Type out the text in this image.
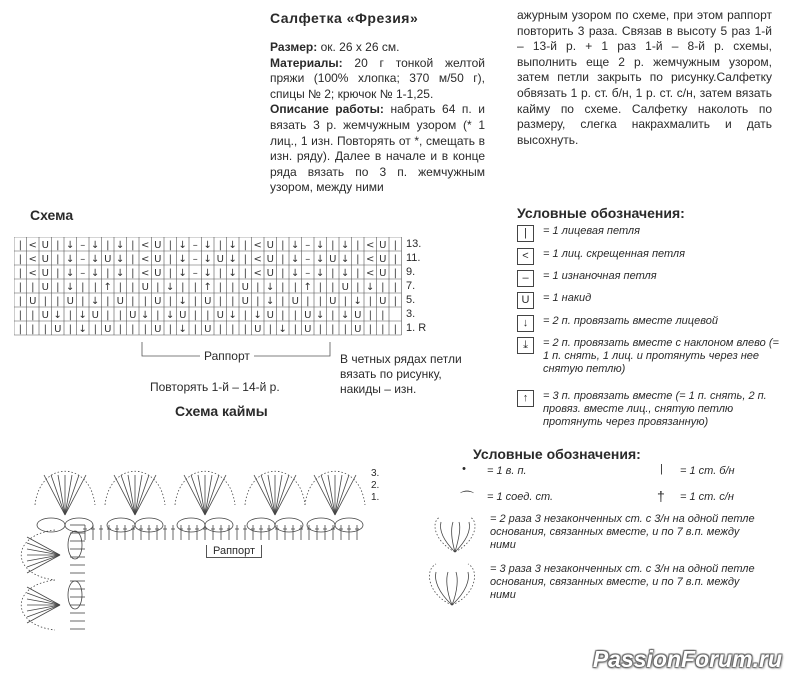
Салфетка «Фрезия»
Размер: ок. 26 x 26 см.
Материалы: 20 г тонкой желтой пряжи (100% хлопка; 370 м/50 г), спицы № 2; крючок № 1-1,25.
Описание работы: набрать 64 п. и вязать 3 р. жемчужным узором (* 1 лиц., 1 изн. Повторять от *, смещать в изн. ряду). Далее в начале и в конце ряда вязать по 3 п. жемчужным узором, между ними
ажурным узором по схеме, при этом раппорт повторить 3 раза. Связав в высоту 5 раз 1-й – 13-й р. + 1 раз 1-й – 8-й р. схемы, выполнить еще 2 р. жемчужным узором, затем петли закрыть по рисунку.Салфетку обвязать 1 р. ст. б/н, 1 р. ст. с/н, затем вязать кайму по схеме. Салфетку наколоть по размеру, слегка накрахмалить и дать высохнуть.
Схема
| < U | ↓ – ↓ | ↓ | < U | ↓ – ↓ | ↓ | < U | ↓ – ↓ | ↓ | < U |
| < U | ↓ – ↓ U ↓ | < U | ↓ – ↓ U ↓ | < U | ↓ – ↓ U ↓ | < U |
| < U | ↓ – ↓ | ↓ | < U | ↓ – ↓ | ↓ | < U | ↓ – ↓ | ↓ | < U |
| | U | ↓ | | ↑ | | U | ↓ | | ↑ | | U | ↓ | | ↑ | | U | ↓ | |
| U | | U | ↓ | U | | U | ↓ | U | | U | ↓ | U | | U | ↓ | U |
| | U ↓ | ↓ U | | U ↓ | ↓ U | | U ↓ | ↓ U | | U ↓ | ↓ U | |
| | | U | ↓ | U | | | U | ↓ | U | | | U | ↓ | U | | | U | | |
13.
11.
9.
7.
5.
3.
1. R
Раппорт
Повторять 1-й – 14-й р.
В четных рядах петли вязать по рисунку, накиды – изн.
Схема каймы
3.
2.
1.
Раппорт
Условные обозначения:
|	= 1 лицевая петля
<	= 1 лиц. скрещенная петля
–	= 1 изнаночная петля
U	= 1 накид
↓	= 2 п. провязать вместе лицевой
⤓	= 2 п. провязать вместе с наклоном влево (= 1 п. снять, 1 лиц. и протянуть через нее снятую петлю)
↑	= 3 п. провязать вместе (= 1 п. снять, 2 п. провяз. вместе лиц., снятую петлю протянуть через провязанную)
Условные обозначения:
• = 1 в. п.
⌒ = 1 соед. ст.
| = 1 ст. б/н
† = 1 ст. с/н
= 2 раза 3 незаконченных ст. с 3/н на одной петле основания, связанных вместе, и по 7 в.п. между ними
= 3 раза 3 незаконченных ст. с 3/н на одной петле основания, связанных вместе, и по 7 в.п. между ними
PassionForum.ru
